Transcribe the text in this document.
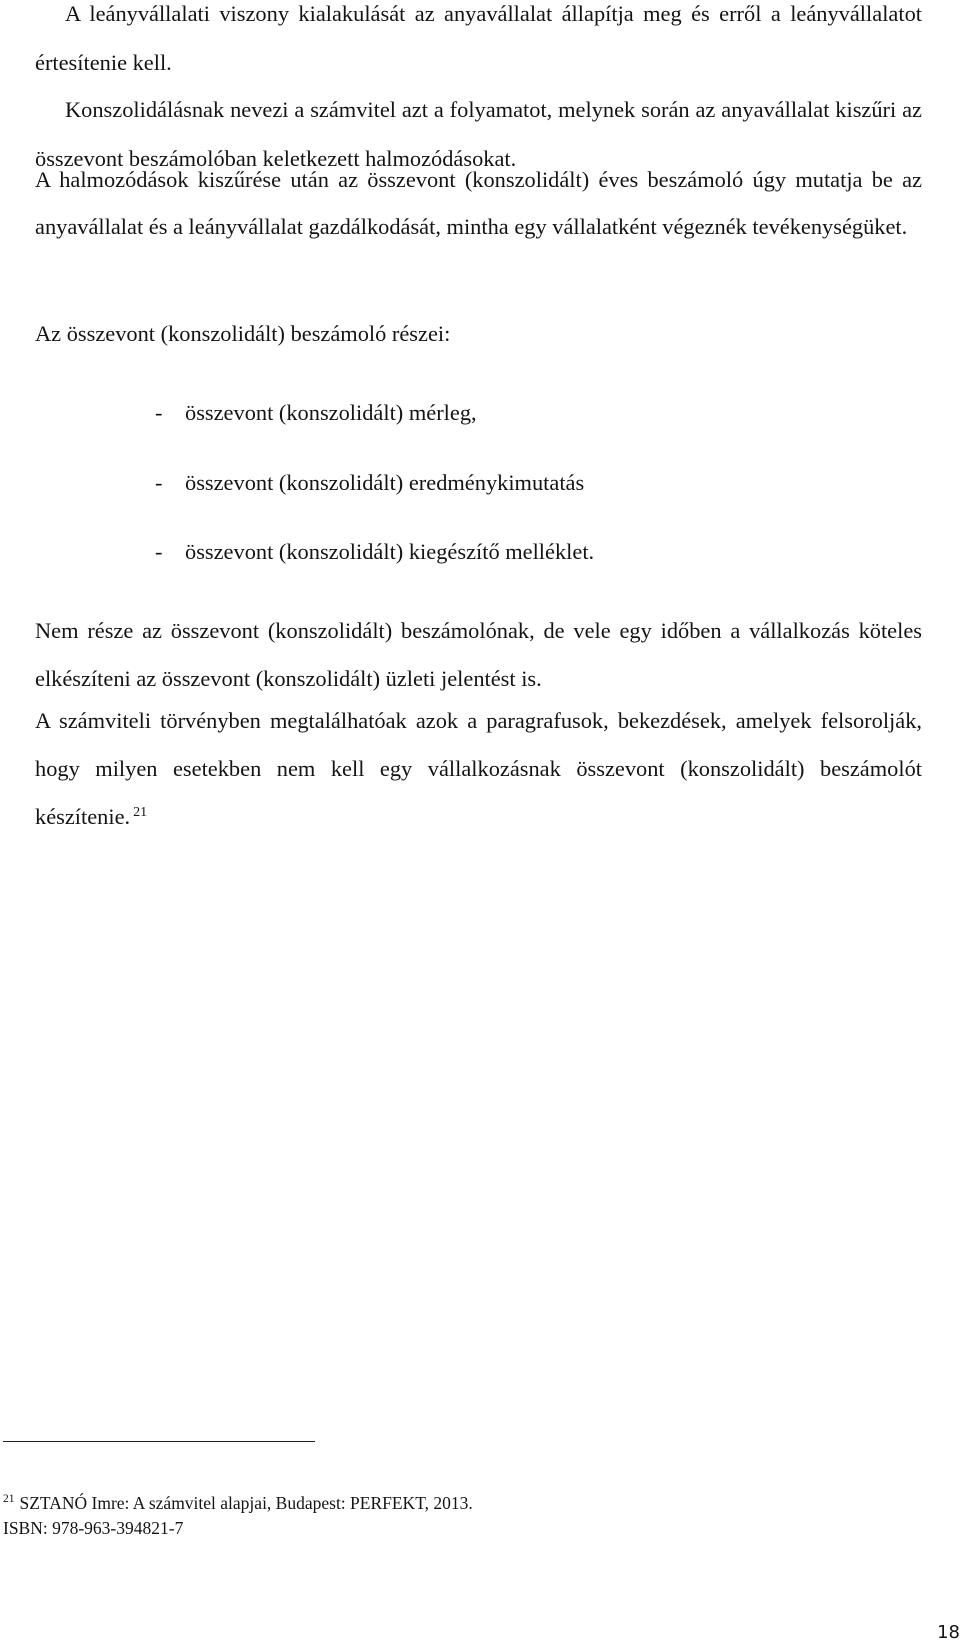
A leányvállalati viszony kialakulását az anyavállalat állapítja meg és erről a leányvállalatot értesítenie kell.

Konszolidálásnak nevezi a számvitel azt a folyamatot, melynek során az anyavállalat kiszűri az összevont beszámolóban keletkezett halmozódásokat.

A halmozódások kiszűrése után az összevont (konszolidált) éves beszámoló úgy mutatja be az anyavállalat és a leányvállalat gazdálkodását, mintha egy vállalatként végeznék tevékenységüket.

Az összevont (konszolidált) beszámoló részei:

- összevont (konszolidált) mérleg,

- összevont (konszolidált) eredménykimutatás

- összevont (konszolidált) kiegészítő melléklet.

Nem része az összevont (konszolidált) beszámolónak, de vele egy időben a vállalkozás köteles elkészíteni az összevont (konszolidált) üzleti jelentést is.

A számviteli törvényben megtalálhatóak azok a paragrafusok, bekezdések, amelyek felsorolják, hogy milyen esetekben nem kell egy vállalkozásnak összevont (konszolidált) beszámolót készítenie. $^{21}$

$^{21}$ SZTANÓ Imre: A számvitel alapjai, Budapest: PERFEKT, 2013.

ISBN: 978-963-394821-7

18
